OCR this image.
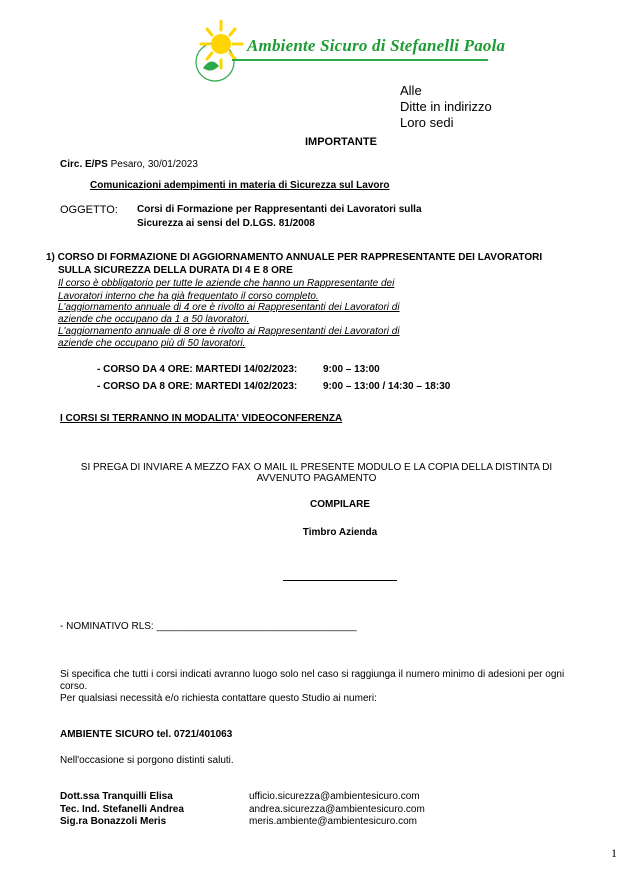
Ambiente Sicuro di Stefanelli Paola
Alle
Ditte in indirizzo
Loro sedi
IMPORTANTE
Circ. E/PS Pesaro, 30/01/2023
Comunicazioni adempimenti in materia di Sicurezza sul Lavoro
OGGETTO: Corsi di Formazione per Rappresentanti dei Lavoratori sulla
Sicurezza ai sensi del D.LGS. 81/2008
1) CORSO DI FORMAZIONE DI AGGIORNAMENTO ANNUALE PER RAPPRESENTANTE DEI LAVORATORI
SULLA SICUREZZA DELLA DURATA DI 4 E 8 ORE
Il corso è obbligatorio per tutte le aziende che hanno un Rappresentante dei
Lavoratori interno che ha già frequentato il corso completo.
L'aggiornamento annuale di 4 ore è rivolto ai Rappresentanti dei Lavoratori di
aziende che occupano da 1 a 50 lavoratori.
L'aggiornamento annuale di 8 ore è rivolto ai Rappresentanti dei Lavoratori di
aziende che occupano più di 50 lavoratori.
- CORSO DA 4 ORE: MARTEDI 14/02/2023:	9:00 – 13:00
- CORSO DA 8 ORE: MARTEDI 14/02/2023:	9:00 – 13:00 / 14:30 – 18:30
I CORSI SI TERRANNO IN MODALITA' VIDEOCONFERENZA
SI PREGA DI INVIARE A MEZZO FAX O MAIL IL PRESENTE MODULO E LA COPIA DELLA DISTINTA DI
AVVENUTO PAGAMENTO
COMPILARE
Timbro Azienda
- NOMINATIVO RLS: ____________________________________
Si specifica che tutti i corsi indicati avranno luogo solo nel caso si raggiunga il numero minimo di adesioni per ogni
corso.
Per qualsiasi necessità e/o richiesta contattare questo Studio ai numeri:
AMBIENTE SICURO tel. 0721/401063
Nell'occasione si porgono distinti saluti.
Dott.ssa Tranquilli Elisa	ufficio.sicurezza@ambientesicuro.com
Tec. Ind. Stefanelli Andrea	andrea.sicurezza@ambientesicuro.com
Sig.ra Bonazzoli Meris	meris.ambiente@ambientesicuro.com
1
